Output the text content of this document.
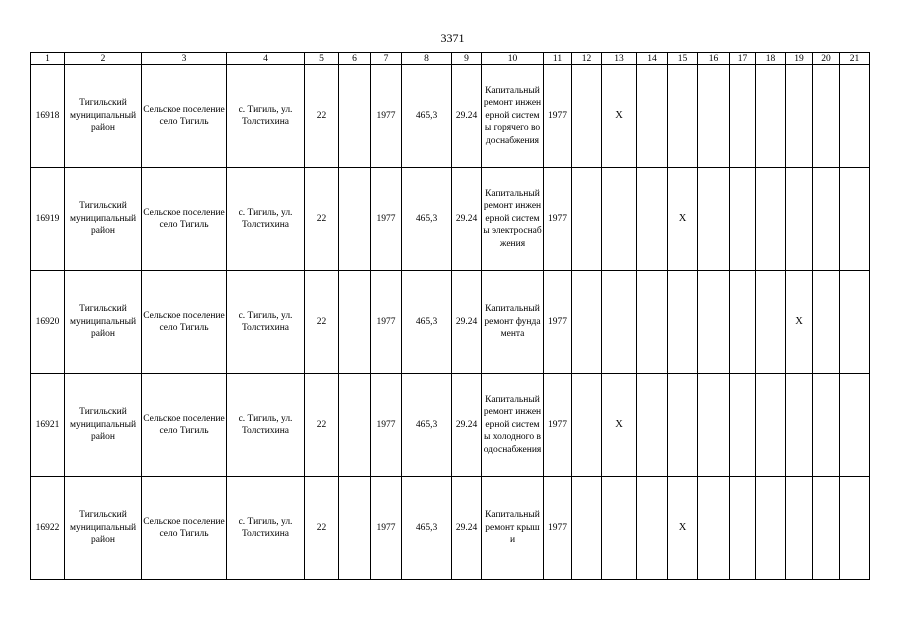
3371
1	2	3	4	5	6	7	8	9	10	11	12	13	14	15	16	17	18	19	20	21
16918	Тигильский муниципальный район	Сельское поселение село Тигиль	с. Тигиль, ул. Толстихина	22		1977	465,3	29.24	Капитальный ремонт инженерной системы горячего водоснабжения	1977		X								
16919	Тигильский муниципальный район	Сельское поселение село Тигиль	с. Тигиль, ул. Толстихина	22		1977	465,3	29.24	Капитальный ремонт инженерной системы электроснабжения	1977				X						
16920	Тигильский муниципальный район	Сельское поселение село Тигиль	с. Тигиль, ул. Толстихина	22		1977	465,3	29.24	Капитальный ремонт фундамента	1977								X		
16921	Тигильский муниципальный район	Сельское поселение село Тигиль	с. Тигиль, ул. Толстихина	22		1977	465,3	29.24	Капитальный ремонт инженерной системы холодного водоснабжения	1977		X								
16922	Тигильский муниципальный район	Сельское поселение село Тигиль	с. Тигиль, ул. Толстихина	22		1977	465,3	29.24	Капитальный ремонт крыши	1977				X						
